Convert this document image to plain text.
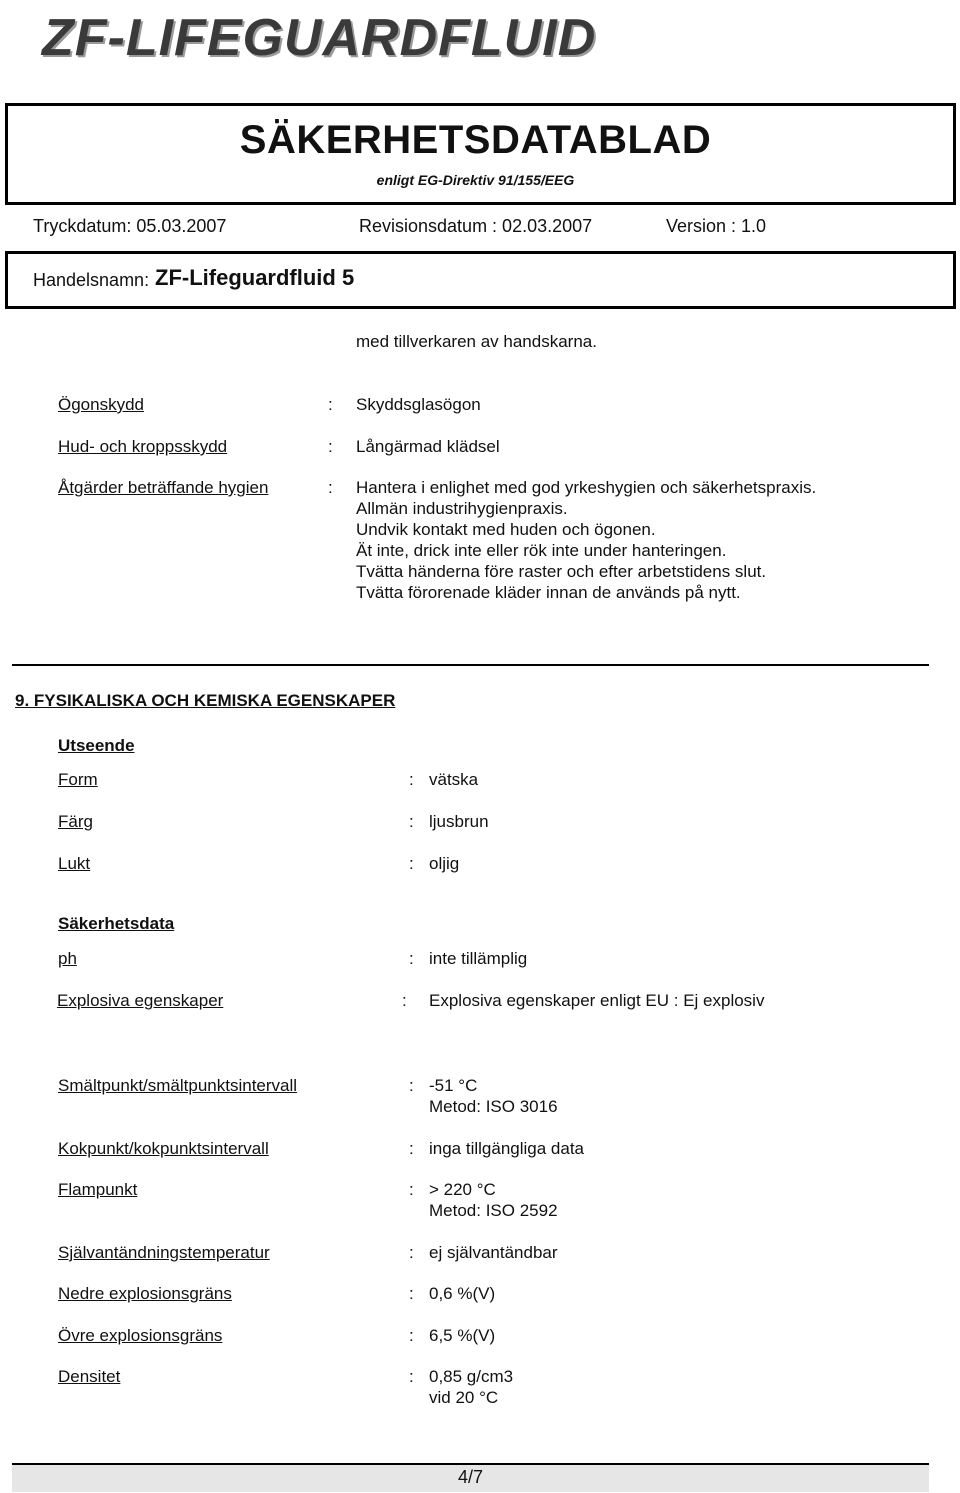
ZF-LIFEGUARDFLUID
SÄKERHETSDATABLAD
enligt EG-Direktiv 91/155/EEG
Tryckdatum: 05.03.2007	Revisionsdatum : 02.03.2007	Version : 1.0
Handelsnamn: ZF-Lifeguardfluid 5
med tillverkaren av handskarna.
Ögonskydd	: Skyddsglasögon
Hud- och kroppsskydd	: Långärmad klädsel
Åtgärder beträffande hygien	: Hantera i enlighet med god yrkeshygien och säkerhetspraxis.
Allmän industrihygienpraxis.
Undvik kontakt med huden och ögonen.
Ät inte, drick inte eller rök inte under hanteringen.
Tvätta händerna före raster och efter arbetstidens slut.
Tvätta förorenade kläder innan de används på nytt.
9. FYSIKALISKA OCH KEMISKA EGENSKAPER
Utseende
Form	: vätska
Färg	: ljusbrun
Lukt	: oljig
Säkerhetsdata
ph	: inte tillämplig
Explosiva egenskaper	: Explosiva egenskaper enligt EU : Ej explosiv
Smältpunkt/smältpunktsintervall	: -51 °C
Metod: ISO 3016
Kokpunkt/kokpunktsintervall	: inga tillgängliga data
Flampunkt	: > 220 °C
Metod: ISO 2592
Självantändningstemperatur	: ej självantändbar
Nedre explosionsgräns	: 0,6 %(V)
Övre explosionsgräns	: 6,5 %(V)
Densitet	: 0,85 g/cm3
vid 20 °C
4/7
